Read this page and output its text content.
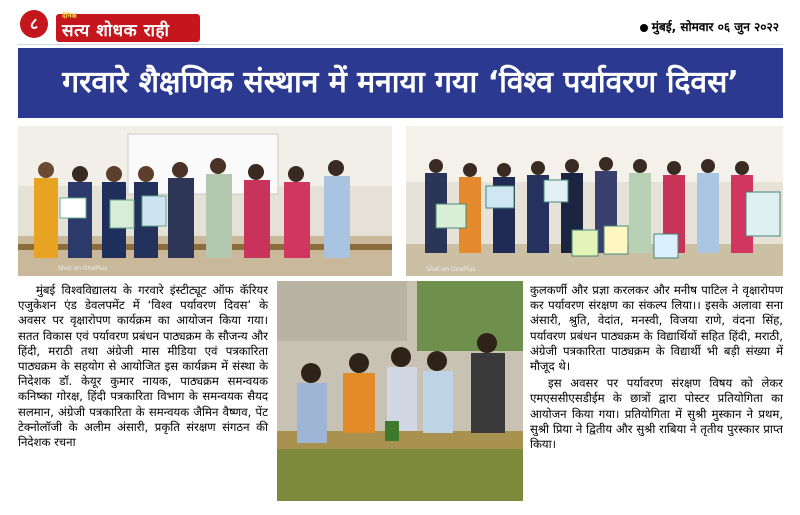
८	दैनिक
सत्य शोधक राही	मुंबई, सोमवार ०६ जुन २०२२
गरवारे शैक्षणिक संस्थान में मनाया गया ‘विश्व पर्यावरण दिवस’
Shot on OnePlus	Shot on OnePlus

मुंबई विश्वविद्यालय के गरवारे इंस्टीट्यूट ऑफ कॅरियर एजुकेशन एंड डेवलपमेंट में ‘विश्व पर्यावरण दिवस’ के अवसर पर वृक्षारोपण कार्यक्रम का आयोजन किया गया। सतत विकास एवं पर्यावरण प्रबंधन पाठ्यक्रम के सौजन्य और हिंदी, मराठी तथा अंग्रेजी मास मीडिया एवं पत्रकारिता पाठ्यक्रम के सहयोग से आयोजित इस कार्यक्रम में संस्था के निदेशक डॉ. केयूर कुमार नायक, पाठ्यक्रम समन्वयक कनिष्का गोरक्ष, हिंदी पत्रकारिता विभाग के समन्वयक सैयद सलमान, अंग्रेजी पत्रकारिता के समन्वयक जैमिन वैष्णव, पेंट टेक्नोलॉजी के अलीम अंसारी, प्रकृति संरक्षण संगठन की निदेशक रचना

कुलकर्णी और प्रज्ञा करलकर और मनीष पाटिल ने वृक्षारोपण कर पर्यावरण संरक्षण का संकल्प लिया।। इसके अलावा सना अंसारी, श्रुति, वेदांत, मनस्वी, विजया राणे, वंदना सिंह, पर्यावरण प्रबंधन पाठ्यक्रम के विद्यार्थियों सहित हिंदी, मराठी, अंग्रेजी पत्रकारिता पाठ्यक्रम के विद्यार्थी भी बड़ी संख्या में मौजूद थे।

इस अवसर पर पर्यावरण संरक्षण विषय को लेकर एमएससीएसडीईम के छात्रों द्वारा पोस्टर प्रतियोगिता का आयोजन किया गया। प्रतियोगिता में सुश्री मुस्कान ने प्रथम, सुश्री प्रिया ने द्वितीय और सुश्री राबिया ने तृतीय पुरस्कार प्राप्त किया।
